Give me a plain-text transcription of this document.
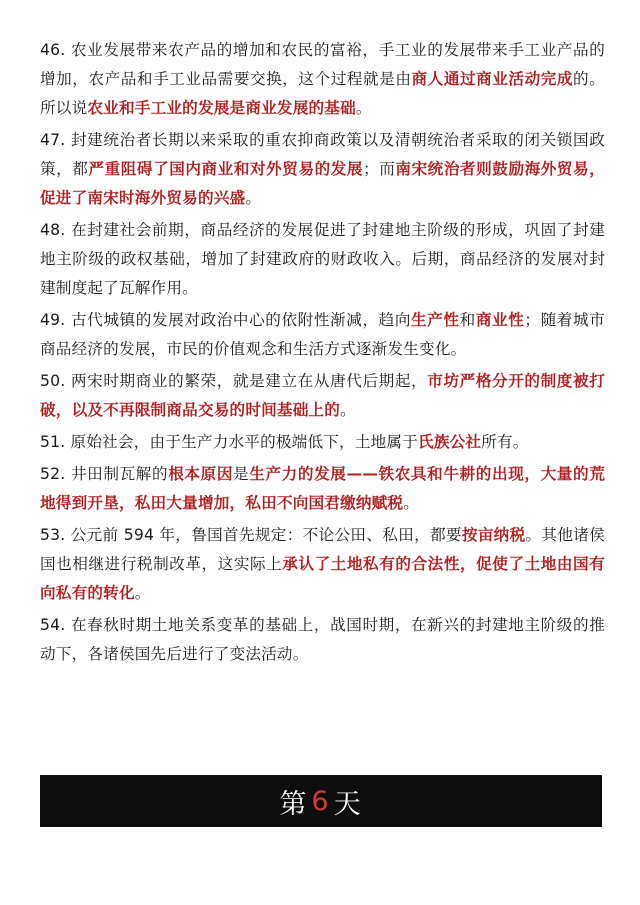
46. 农业发展带来农产品的增加和农民的富裕，手工业的发展带来手工业产品的增加，农产品和手工业品需要交换，这个过程就是由商人通过商业活动完成的。所以说农业和手工业的发展是商业发展的基础。

47. 封建统治者长期以来采取的重农抑商政策以及清朝统治者采取的闭关锁国政策，都严重阻碍了国内商业和对外贸易的发展；而南宋统治者则鼓励海外贸易，促进了南宋时海外贸易的兴盛。

48. 在封建社会前期，商品经济的发展促进了封建地主阶级的形成，巩固了封建地主阶级的政权基础，增加了封建政府的财政收入。后期，商品经济的发展对封建制度起了瓦解作用。

49. 古代城镇的发展对政治中心的依附性渐减，趋向生产性和商业性；随着城市商品经济的发展，市民的价值观念和生活方式逐渐发生变化。

50. 两宋时期商业的繁荣，就是建立在从唐代后期起，市坊严格分开的制度被打破，以及不再限制商品交易的时间基础上的。

51. 原始社会，由于生产力水平的极端低下，土地属于氏族公社所有。

52. 井田制瓦解的根本原因是生产力的发展——铁农具和牛耕的出现，大量的荒地得到开垦，私田大量增加，私田不向国君缴纳赋税。

53. 公元前 594 年，鲁国首先规定：不论公田、私田，都要按亩纳税。其他诸侯国也相继进行税制改革，这实际上承认了土地私有的合法性，促使了土地由国有向私有的转化。

54. 在春秋时期土地关系变革的基础上，战国时期，在新兴的封建地主阶级的推动下，各诸侯国先后进行了变法活动。

第 6 天
